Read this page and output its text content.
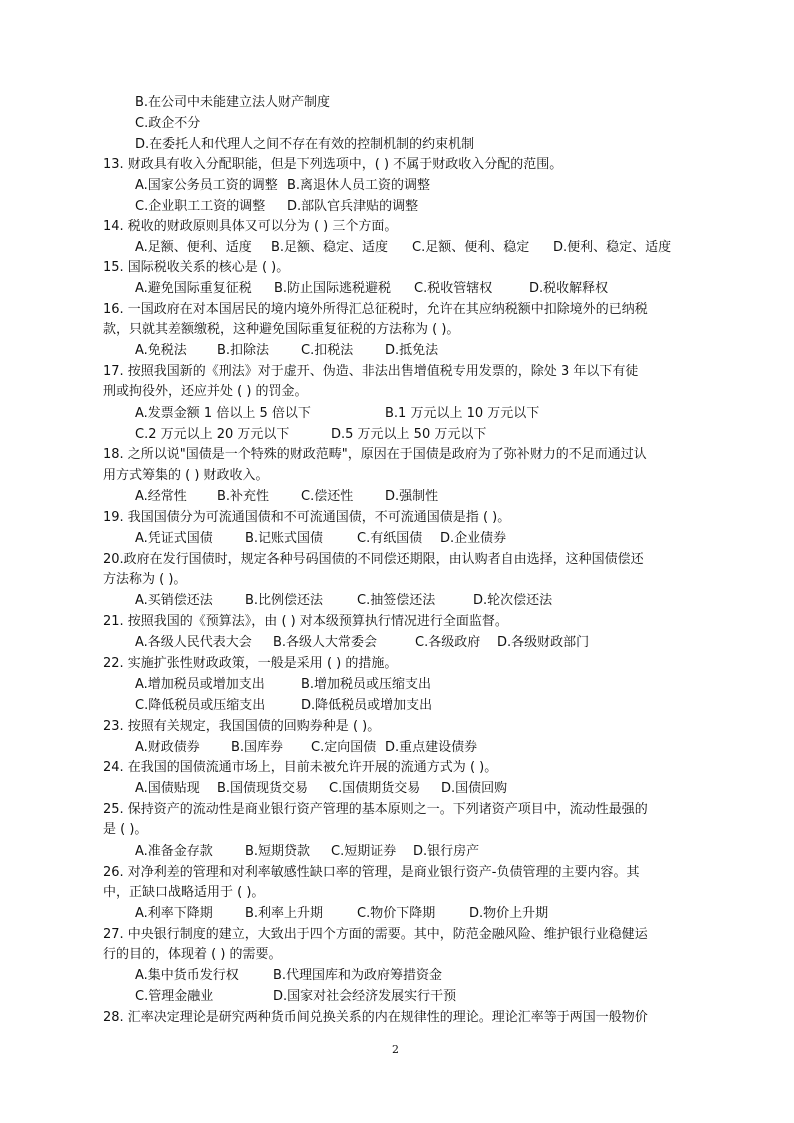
B.在公司中未能建立法人财产制度
C.政企不分
D.在委托人和代理人之间不存在有效的控制机制的约束机制
13. 财政具有收入分配职能，但是下列选项中，( ) 不属于财政收入分配的范围。
A.国家公务员工资的调整 B.离退休人员工资的调整
C.企业职工工资的调整 D.部队官兵津贴的调整
14. 税收的财政原则具体又可以分为 ( ) 三个方面。
A.足额、便利、适度 B.足额、稳定、适度 C.足额、便利、稳定 D.便利、稳定、适度
15. 国际税收关系的核心是 ( )。
A.避免国际重复征税 B.防止国际逃税避税 C.税收管辖权	D.税收解释权
16. 一国政府在对本国居民的境内境外所得汇总征税时，允许在其应纳税额中扣除境外的已纳税
款，只就其差额缴税，这种避免国际重复征税的方法称为 ( )。
A.免税法 B.扣除法 C.扣税法 D.抵免法
17. 按照我国新的《刑法》对于虚开、伪造、非法出售增值税专用发票的，除处 3 年以下有徒
刑或拘役外，还应并处 ( ) 的罚金。
A.发票金额 1 倍以上 5 倍以下	B.1 万元以上 10 万元以下
C.2 万元以上 20 万元以下	D.5 万元以上 50 万元以下
18. 之所以说"国债是一个特殊的财政范畴"，原因在于国债是政府为了弥补财力的不足而通过认
用方式筹集的 ( ) 财政收入。
A.经常性 B.补充性 C.偿还性 D.强制性
19. 我国国债分为可流通国债和不可流通国债，不可流通国债是指 ( )。
A.凭证式国债 B.记账式国债	C.有纸国债 D.企业债券
20.政府在发行国债时，规定各种号码国债的不同偿还期限，由认购者自由选择，这种国债偿还
方法称为 ( )。
A.买销偿还法 B.比例偿还法	C.抽签偿还法	D.轮次偿还法
21. 按照我国的《预算法》，由 ( ) 对本级预算执行情况进行全面监督。
A.各级人民代表大会 B.各级人大常委会	C.各级政府 D.各级财政部门
22. 实施扩张性财政政策，一般是采用 ( ) 的措施。
A.增加税员或增加支出	B.增加税员或压缩支出
C.降低税员或压缩支出	D.降低税员或增加支出
23. 按照有关规定，我国国债的回购券种是 ( )。
A.财政债券 B.国库券 C.定向国债 D.重点建设债券
24. 在我国的国债流通市场上，目前未被允许开展的流通方式为 ( )。
A.国债贴现 B.国债现货交易 C.国债期货交易 D.国债回购
25. 保持资产的流动性是商业银行资产管理的基本原则之一。下列诸资产项目中，流动性最强的
是 ( )。
A.准备金存款 B.短期贷款 C.短期证券 D.银行房产
26. 对净利差的管理和对利率敏感性缺口率的管理，是商业银行资产-负债管理的主要内容。其
中，正缺口战略适用于 ( )。
A.利率下降期 B.利率上升期	C.物价下降期	D.物价上升期
27. 中央银行制度的建立，大致出于四个方面的需要。其中，防范金融风险、维护银行业稳健运
行的目的，体现着 ( ) 的需要。
A.集中货币发行权	B.代理国库和为政府筹措资金
C.管理金融业	D.国家对社会经济发展实行干预
28. 汇率决定理论是研究两种货币间兑换关系的内在规律性的理论。理论汇率等于两国一般物价
2
